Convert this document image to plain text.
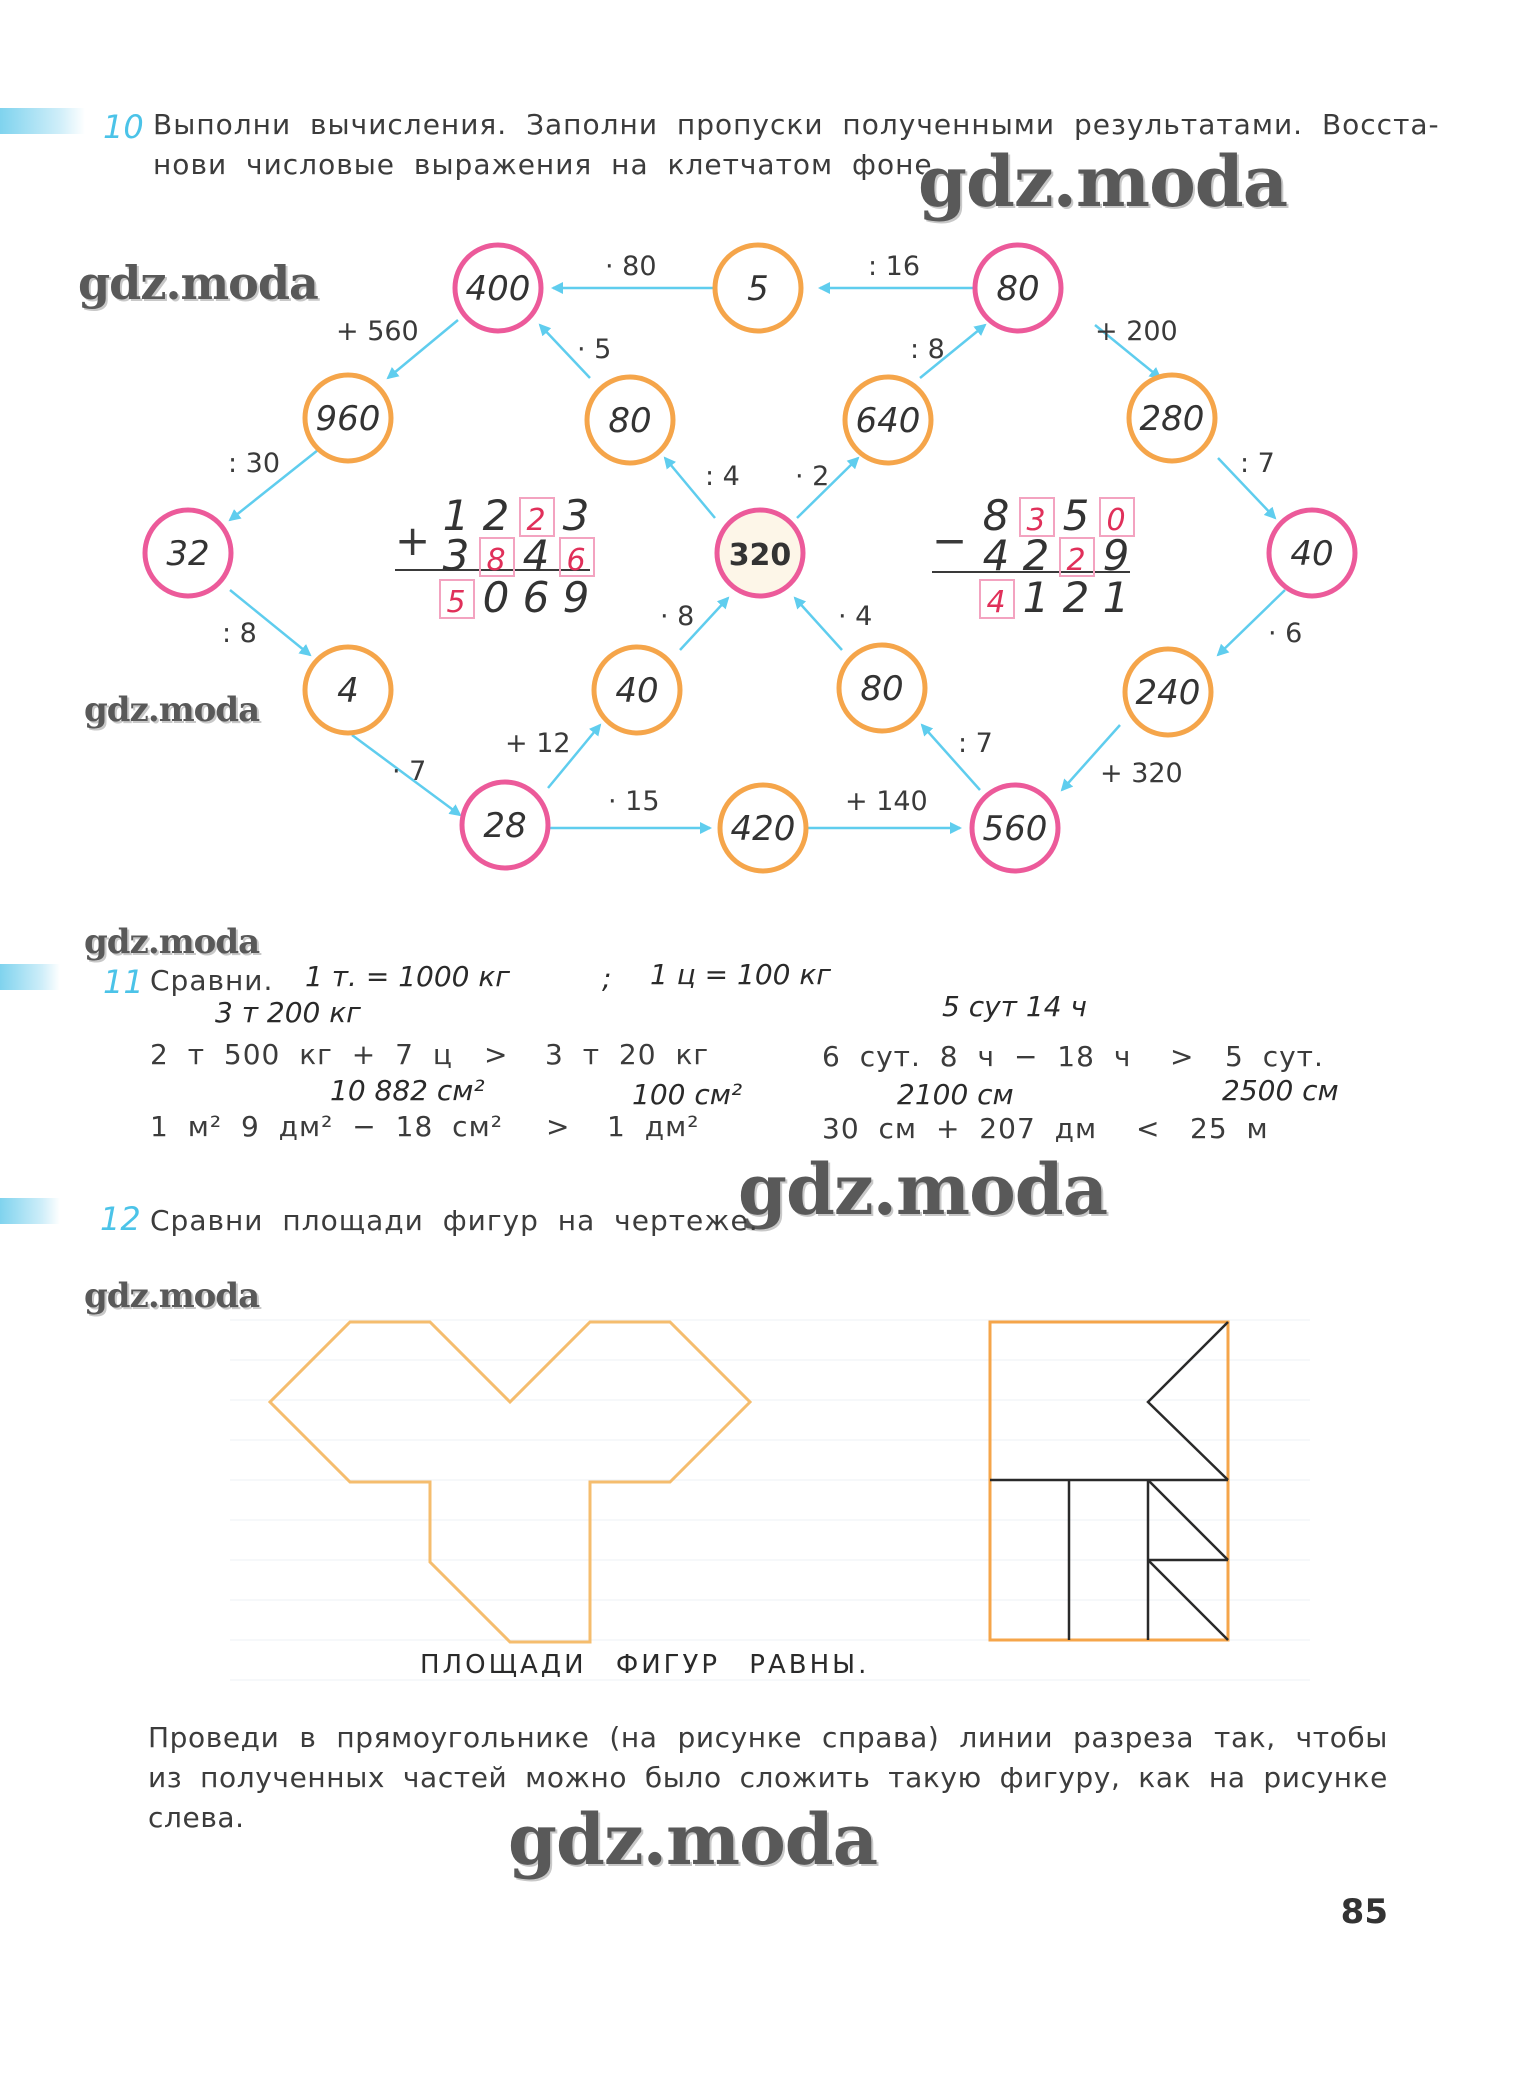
10 Выполни вычисления. Заполни пропуски полученными результатами. Восста-
нови числовые выражения на клетчатом фоне.
gdz.moda
gdz.moda
gdz.moda
gdz.moda
gdz.moda
gdz.moda
gdz.moda
· 80	: 16
+ 560
· 5	: 8
+ 200
: 30	: 4 · 2	: 7
: 8
· 8	· 4
· 6
+ 12	: 7
· 7
· 15	+ 140
+ 320
400	5	80
960	80	640	280
32	320	40
4	40	80	240
28	420	560
+
1 2 2 3
3 8 4 6
5 0 6 9
−
8 3 5 0
4 2 2 9
4 1 2 1
11 Сравни. 1 т. = 1000 кг	; 1 ц = 100 кг
3 т 200 кг	5 сут 14 ч
2 т 500 кг + 7 ц > 3 т 20 кг	6 сут. 8 ч − 18 ч > 5 сут.
10 882 см²	100 см²	2100 см	2500 см
1 м² 9 дм² − 18 см² > 1 дм²	30 см + 207 дм < 25 м
12 Сравни площади фигур на чертеже.
ПЛОЩАДИ ФИГУР РАВНЫ.
Проведи в прямоугольнике (на рисунке справа) линии разреза так, чтобы
из полученных частей можно было сложить такую фигуру, как на рисунке
слева.
85
